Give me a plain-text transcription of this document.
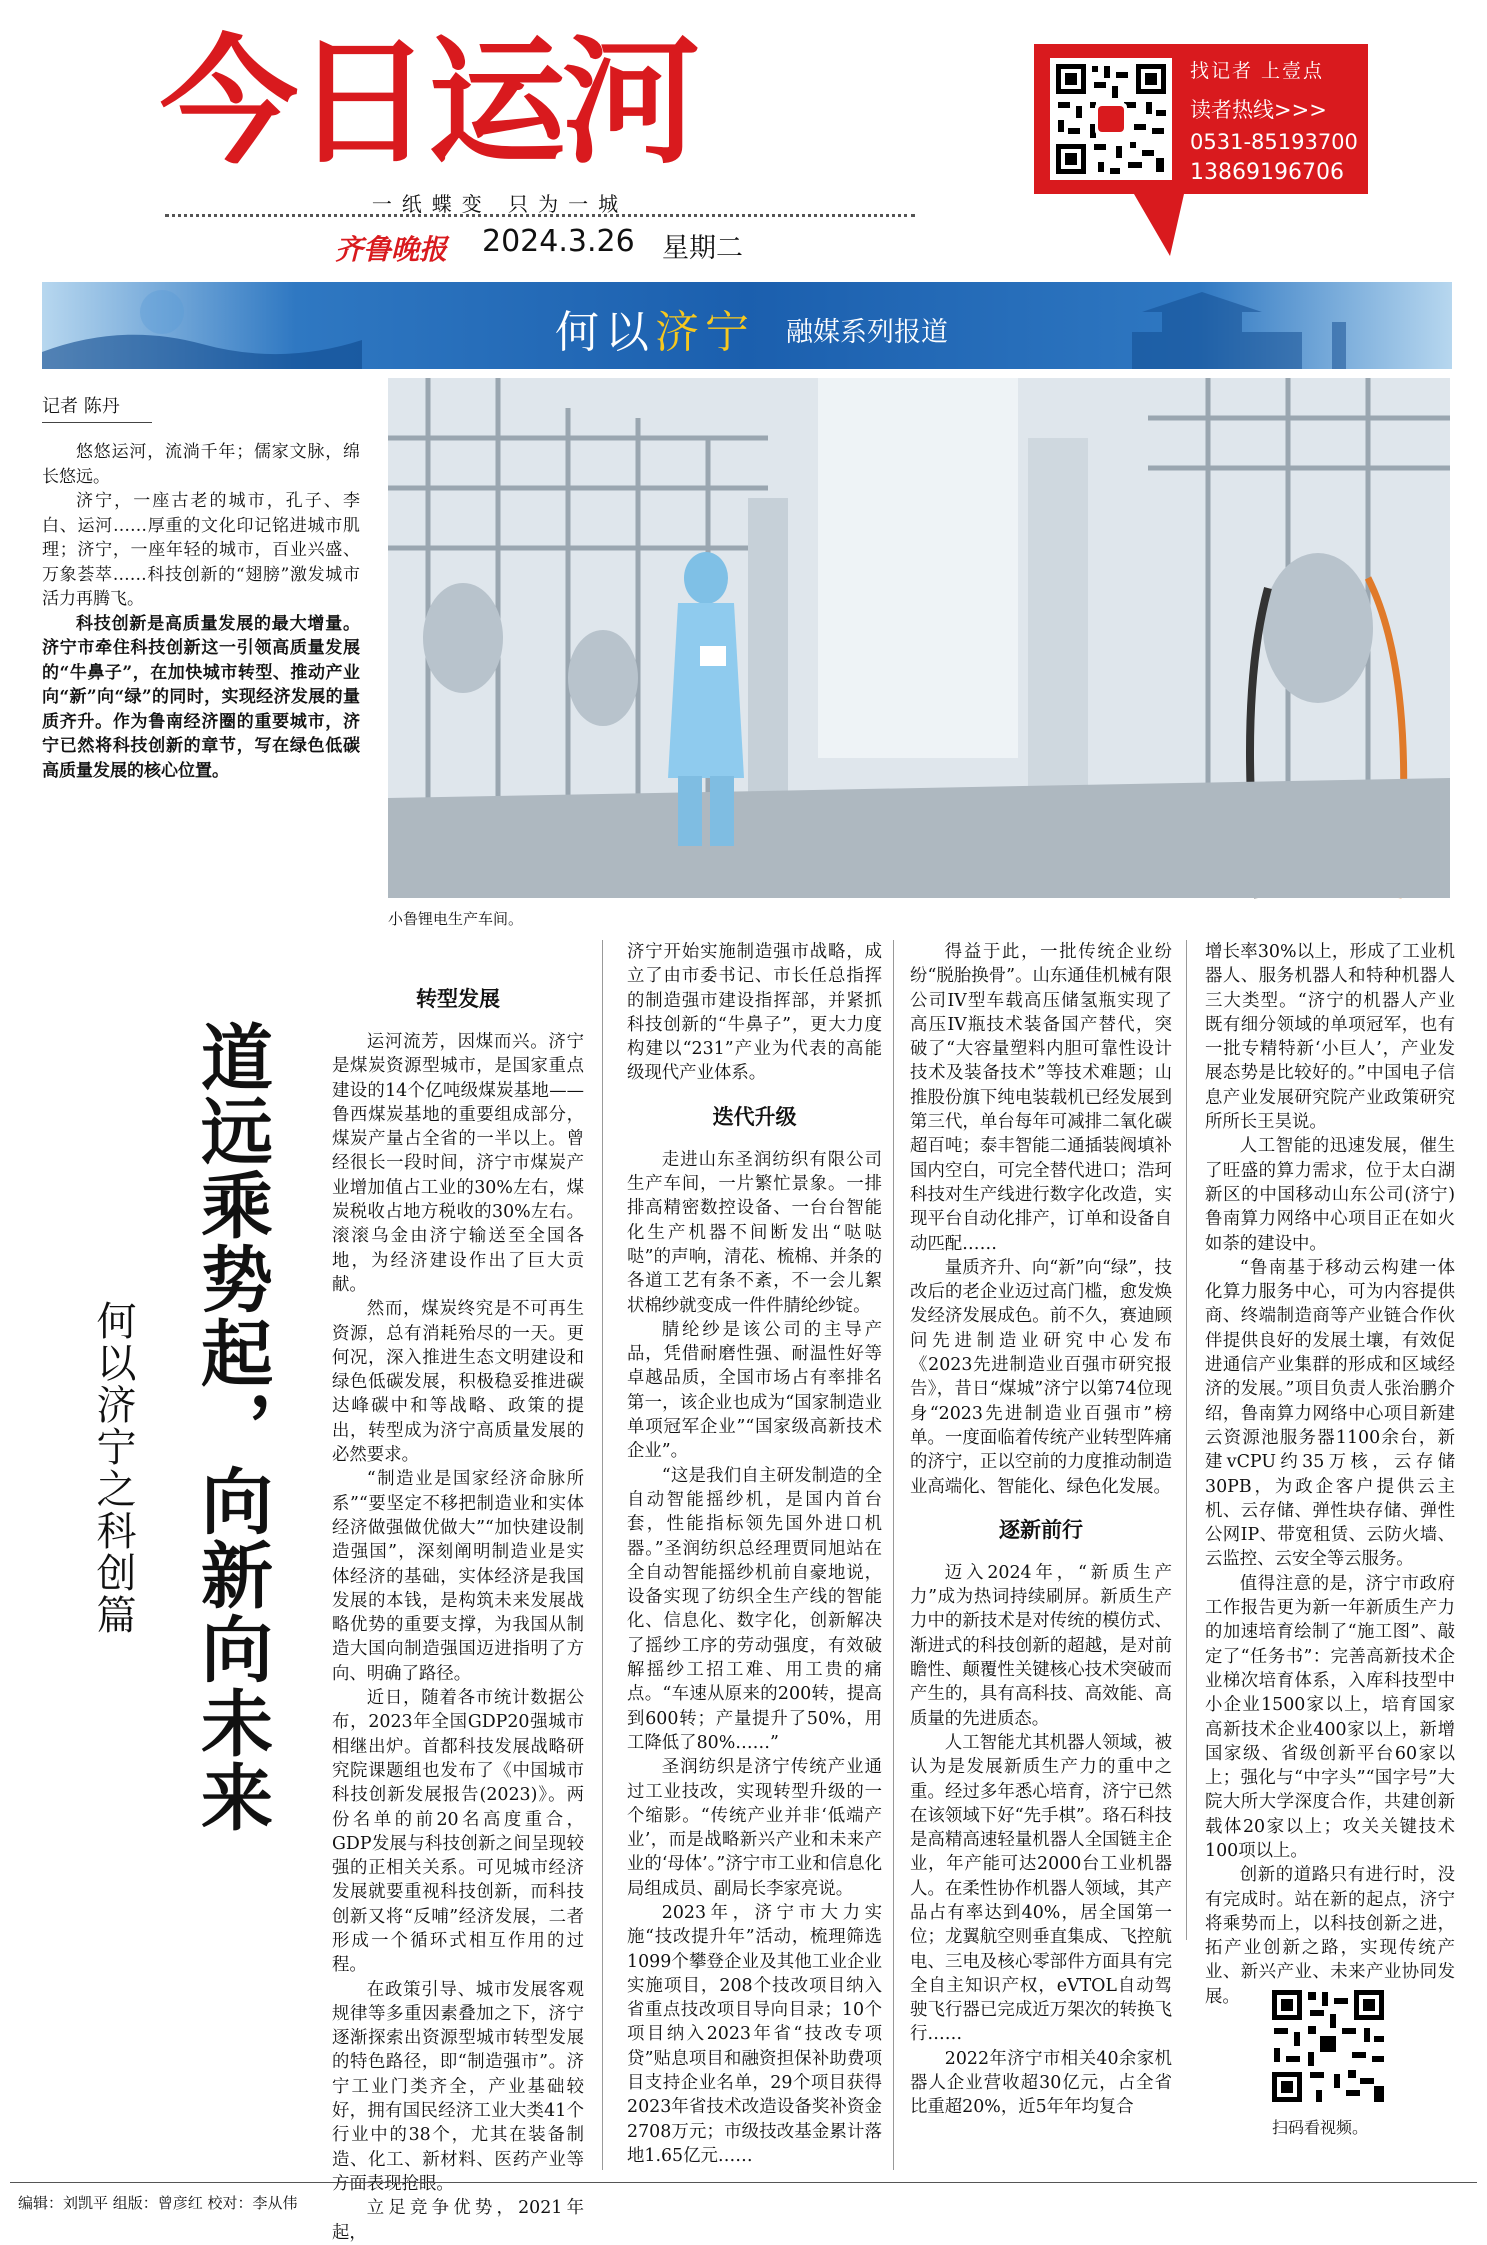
今日运河
一纸蝶变 只为一城
齐鲁晚报 2024.3.26 星期二
找记者 上壹点
读者热线>>>
0531-85193700
13869196706
何以济宁 融媒系列报道
记者 陈丹

悠悠运河，流淌千年；儒家文脉，绵长悠远。

济宁，一座古老的城市，孔子、李白、运河……厚重的文化印记铭进城市肌理；济宁，一座年轻的城市，百业兴盛、万象荟萃……科技创新的“翅膀”激发城市活力再腾飞。

科技创新是高质量发展的最大增量。济宁市牵住科技创新这一引领高质量发展的“牛鼻子”，在加快城市转型、推动产业向“新”向“绿”的同时，实现经济发展的量质齐升。作为鲁南经济圈的重要城市，济宁已然将科技创新的章节，写在绿色低碳高质量发展的核心位置。

小鲁锂电生产车间。
道远乘势起，向新向未来
何以济宁之科创篇
转型发展

运河流芳，因煤而兴。济宁是煤炭资源型城市，是国家重点建设的14个亿吨级煤炭基地——鲁西煤炭基地的重要组成部分，煤炭产量占全省的一半以上。曾经很长一段时间，济宁市煤炭产业增加值占工业的30%左右，煤炭税收占地方税收的30%左右。滚滚乌金由济宁输送至全国各地，为经济建设作出了巨大贡献。

然而，煤炭终究是不可再生资源，总有消耗殆尽的一天。更何况，深入推进生态文明建设和绿色低碳发展，积极稳妥推进碳达峰碳中和等战略、政策的提出，转型成为济宁高质量发展的必然要求。

“制造业是国家经济命脉所系”“要坚定不移把制造业和实体经济做强做优做大”“加快建设制造强国”，深刻阐明制造业是实体经济的基础，实体经济是我国发展的本钱，是构筑未来发展战略优势的重要支撑，为我国从制造大国向制造强国迈进指明了方向、明确了路径。

近日，随着各市统计数据公布，2023年全国GDP20强城市相继出炉。首都科技发展战略研究院课题组也发布了《中国城市科技创新发展报告(2023)》。两份名单的前20名高度重合，GDP发展与科技创新之间呈现较强的正相关关系。可见城市经济发展就要重视科技创新，而科技创新又将“反哺”经济发展，二者形成一个循环式相互作用的过程。

在政策引导、城市发展客观规律等多重因素叠加之下，济宁逐渐探索出资源型城市转型发展的特色路径，即“制造强市”。济宁工业门类齐全，产业基础较好，拥有国民经济工业大类41个行业中的38个，尤其在装备制造、化工、新材料、医药产业等方面表现抢眼。

立足竞争优势，2021年起，

济宁开始实施制造强市战略，成立了由市委书记、市长任总指挥的制造强市建设指挥部，并紧抓科技创新的“牛鼻子”，更大力度构建以“231”产业为代表的高能级现代产业体系。

迭代升级

走进山东圣润纺织有限公司生产车间，一片繁忙景象。一排排高精密数控设备、一台台智能化生产机器不间断发出“哒哒哒”的声响，清花、梳棉、并条的各道工艺有条不紊，不一会儿絮状棉纱就变成一件件腈纶纱锭。

腈纶纱是该公司的主导产品，凭借耐磨性强、耐温性好等卓越品质，全国市场占有率排名第一，该企业也成为“国家制造业单项冠军企业”“国家级高新技术企业”。

“这是我们自主研发制造的全自动智能摇纱机，是国内首台套，性能指标领先国外进口机器。”圣润纺织总经理贾同旭站在全自动智能摇纱机前自豪地说，设备实现了纺织全生产线的智能化、信息化、数字化，创新解决了摇纱工序的劳动强度，有效破解摇纱工招工难、用工贵的痛点。“车速从原来的200转，提高到600转；产量提升了50%，用工降低了80%……”

圣润纺织是济宁传统产业通过工业技改，实现转型升级的一个缩影。“传统产业并非‘低端产业’，而是战略新兴产业和未来产业的‘母体’。”济宁市工业和信息化局组成员、副局长李家亮说。

2023年，济宁市大力实施“技改提升年”活动，梳理筛选1099个攀登企业及其他工业企业实施项目，208个技改项目纳入省重点技改项目导向目录；10个项目纳入2023年省“技改专项贷”贴息项目和融资担保补助费项目支持企业名单，29个项目获得2023年省技术改造设备奖补资金2708万元；市级技改基金累计落地1.65亿元……

得益于此，一批传统企业纷纷“脱胎换骨”。山东通佳机械有限公司IV型车载高压储氢瓶实现了高压IV瓶技术装备国产替代，突破了“大容量塑料内胆可靠性设计技术及装备技术”等技术难题；山推股份旗下纯电装载机已经发展到第三代，单台每年可减排二氧化碳超百吨；泰丰智能二通插装阀填补国内空白，可完全替代进口；浩珂科技对生产线进行数字化改造，实现平台自动化排产，订单和设备自动匹配……

量质齐升、向“新”向“绿”，技改后的老企业迈过高门槛，愈发焕发经济发展成色。前不久，赛迪顾问先进制造业研究中心发布《2023先进制造业百强市研究报告》，昔日“煤城”济宁以第74位现身“2023先进制造业百强市”榜单。一度面临着传统产业转型阵痛的济宁，正以空前的力度推动制造业高端化、智能化、绿色化发展。

逐新前行

迈入2024年，“新质生产力”成为热词持续刷屏。新质生产力中的新技术是对传统的模仿式、渐进式的科技创新的超越，是对前瞻性、颠覆性关键核心技术突破而产生的，具有高科技、高效能、高质量的先进质态。

人工智能尤其机器人领域，被认为是发展新质生产力的重中之重。经过多年悉心培育，济宁已然在该领域下好“先手棋”。珞石科技是高精高速轻量机器人全国链主企业，年产能可达2000台工业机器人。在柔性协作机器人领域，其产品占有率达到40%，居全国第一位；龙翼航空则垂直集成、飞控航电、三电及核心零部件方面具有完全自主知识产权，eVTOL自动驾驶飞行器已完成近万架次的转换飞行……

2022年济宁市相关40余家机器人企业营收超30亿元，占全省比重超20%，近5年年均复合

增长率30%以上，形成了工业机器人、服务机器人和特种机器人三大类型。“济宁的机器人产业既有细分领域的单项冠军，也有一批专精特新‘小巨人’，产业发展态势是比较好的。”中国电子信息产业发展研究院产业政策研究所所长王昊说。

人工智能的迅速发展，催生了旺盛的算力需求，位于太白湖新区的中国移动山东公司(济宁)鲁南算力网络中心项目正在如火如荼的建设中。

“鲁南基于移动云构建一体化算力服务中心，可为内容提供商、终端制造商等产业链合作伙伴提供良好的发展土壤，有效促进通信产业集群的形成和区域经济的发展。”项目负责人张治鹏介绍，鲁南算力网络中心项目新建云资源池服务器1100余台，新建vCPU约35万核，云存储30PB，为政企客户提供云主机、云存储、弹性块存储、弹性公网IP、带宽租赁、云防火墙、云监控、云安全等云服务。

值得注意的是，济宁市政府工作报告更为新一年新质生产力的加速培育绘制了“施工图”、敲定了“任务书”：完善高新技术企业梯次培育体系，入库科技型中小企业1500家以上，培育国家高新技术企业400家以上，新增国家级、省级创新平台60家以上；强化与“中字头”“国字号”大院大所大学深度合作，共建创新载体20家以上；攻关关键技术100项以上。

创新的道路只有进行时，没有完成时。站在新的起点，济宁将乘势而上，以科技创新之进，拓产业创新之路，实现传统产业、新兴产业、未来产业协同发展。

扫码看视频。
编辑：刘凯平 组版：曾彦红 校对：李从伟
